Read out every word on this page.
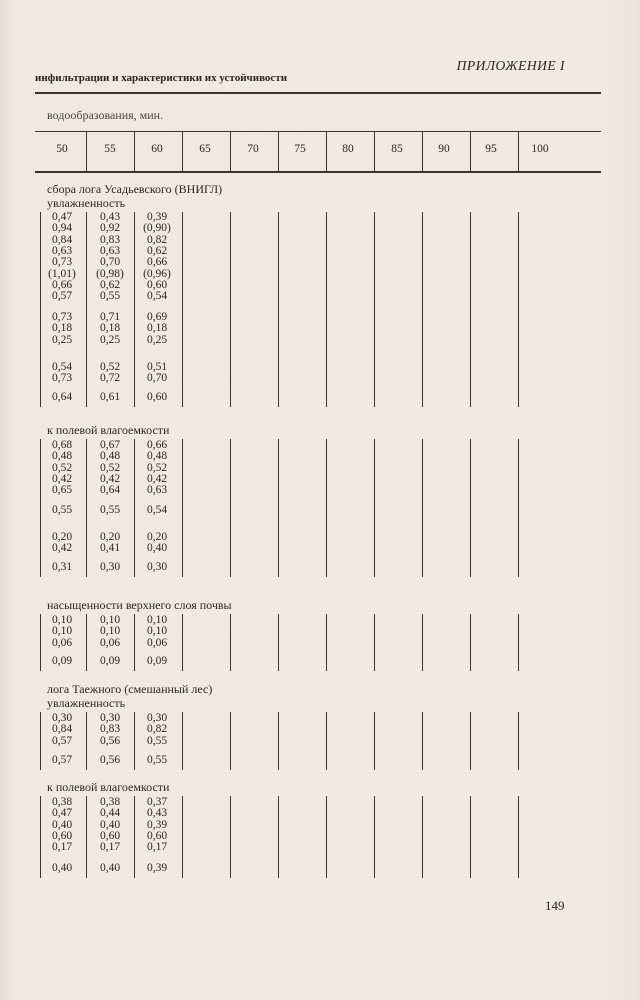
ПРИЛОЖЕНИЕ I
инфильтрации и характеристики их устойчивости
водообразования, мин.
50	55	60	65	70	75	80	85	90	95	100
сбора лога Усадьевского (ВНИГЛ)
увлажненность
0,47	0,43	0,39
0,94	0,92	(0,90)
0,84	0,83	0,82
0,63	0,63	0,62
0,73	0,70	0,66
(1,01)	(0,98)	(0,96)
0,66	0,62	0,60
0,57	0,55	0,54
0,73	0,71	0,69
0,18	0,18	0,18
0,25	0,25	0,25
0,54	0,52	0,51
0,73	0,72	0,70
0,64	0,61	0,60
к полевой влагоемкости
0,68	0,67	0,66
0,48	0,48	0,48
0,52	0,52	0,52
0,42	0,42	0,42
0,65	0,64	0,63
0,55	0,55	0,54
0,20	0,20	0,20
0,42	0,41	0,40
0,31	0,30	0,30
насыщенности верхнего слоя почвы
0,10	0,10	0,10
0,10	0,10	0,10
0,06	0,06	0,06
0,09	0,09	0,09
лога Таежного (смешанный лес)
увлажненность
0,30	0,30	0,30
0,84	0,83	0,82
0,57	0,56	0,55
0,57	0,56	0,55
к полевой влагоемкости
0,38	0,38	0,37
0,47	0,44	0,43
0,40	0,40	0,39
0,60	0,60	0,60
0,17	0,17	0,17
0,40	0,40	0,39
149
